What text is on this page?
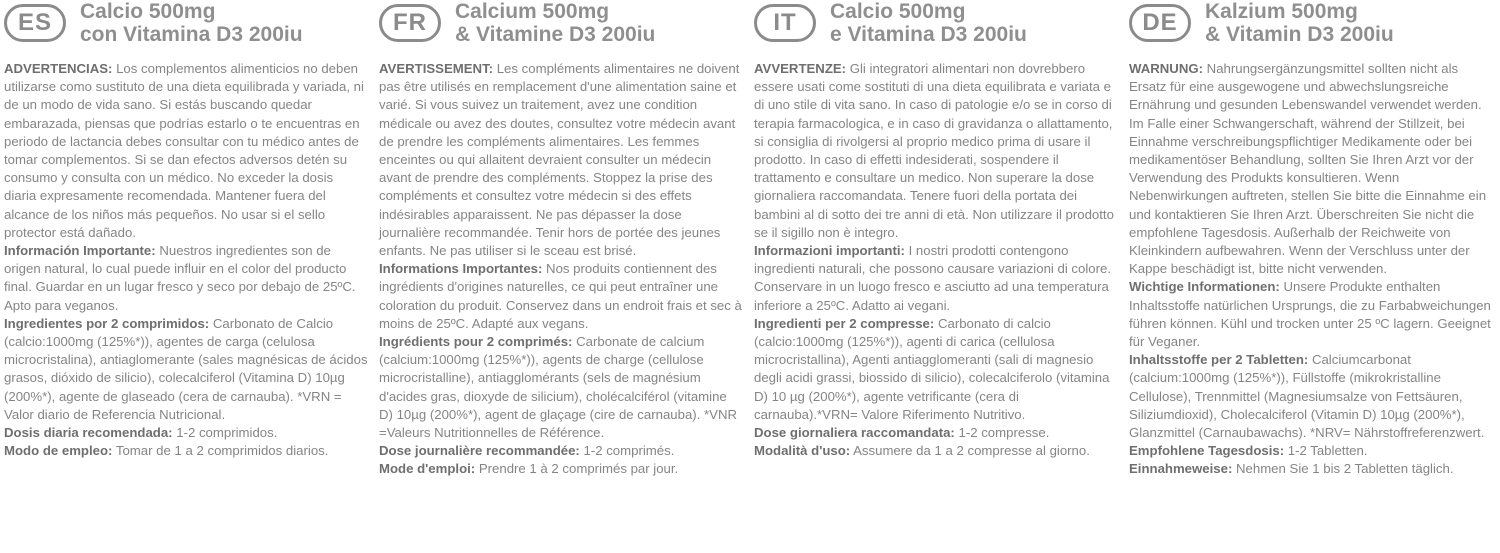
ES	Calcio 500mg
con Vitamina D3 200iu

ADVERTENCIAS: Los complementos alimenticios no deben utilizarse como sustituto de una dieta equilibrada y variada, ni de un modo de vida sano. Si estás buscando quedar embarazada, piensas que podrías estarlo o te encuentras en periodo de lactancia debes consultar con tu médico antes de tomar complementos. Si se dan efectos adversos detén su consumo y consulta con un médico. No exceder la dosis diaria expresamente recomendada. Mantener fuera del alcance de los niños más pequeños. No usar si el sello protector está dañado.

Información Importante: Nuestros ingredientes son de origen natural, lo cual puede influir en el color del producto final. Guardar en un lugar fresco y seco por debajo de 25ºC. Apto para veganos.

Ingredientes por 2 comprimidos: Carbonato de Calcio (calcio:1000mg (125%*)), agentes de carga (celulosa microcristalina), antiaglomerante (sales magnésicas de ácidos grasos, dióxido de silicio), colecalciferol (Vitamina D) 10µg (200%*), agente de glaseado (cera de carnauba). *VRN = Valor diario de Referencia Nutricional.

Dosis diaria recomendada: 1-2 comprimidos.

Modo de empleo: Tomar de 1 a 2 comprimidos diarios.

FR	Calcium 500mg
& Vitamine D3 200iu

AVERTISSEMENT: Les compléments alimentaires ne doivent pas être utilisés en remplacement d'une alimentation saine et varié. Si vous suivez un traitement, avez une condition médicale ou avez des doutes, consultez votre médecin avant de prendre les compléments alimentaires. Les femmes enceintes ou qui allaitent devraient consulter un médecin avant de prendre des compléments. Stoppez la prise des compléments et consultez votre médecin si des effets indésirables apparaissent. Ne pas dépasser la dose journalière recommandée. Tenir hors de portée des jeunes enfants. Ne pas utiliser si le sceau est brisé.

Informations Importantes: Nos produits contiennent des ingrédients d'origines naturelles, ce qui peut entraîner une coloration du produit. Conservez dans un endroit frais et sec à moins de 25ºC. Adapté aux vegans.

Ingrédients pour 2 comprimés: Carbonate de calcium (calcium:1000mg (125%*)), agents de charge (cellulose microcristalline), antiagglomérants (sels de magnésium d'acides gras, dioxyde de silicium), cholécalciférol (vitamine D) 10µg (200%*), agent de glaçage (cire de carnauba). *VNR =Valeurs Nutritionnelles de Référence.

Dose journalière recommandée: 1-2 comprimés.

Mode d'emploi: Prendre 1 à 2 comprimés par jour.

IT	Calcio 500mg
e Vitamina D3 200iu

AVVERTENZE: Gli integratori alimentari non dovrebbero essere usati come sostituti di una dieta equilibrata e variata e di uno stile di vita sano. In caso di patologie e/o se in corso di terapia farmacologica, e in caso di gravidanza o allattamento, si consiglia di rivolgersi al proprio medico prima di usare il prodotto. In caso di effetti indesiderati, sospendere il trattamento e consultare un medico. Non superare la dose giornaliera raccomandata. Tenere fuori della portata dei bambini al di sotto dei tre anni di età. Non utilizzare il prodotto se il sigillo non è integro.

Informazioni importanti: I nostri prodotti contengono ingredienti naturali, che possono causare variazioni di colore. Conservare in un luogo fresco e asciutto ad una temperatura inferiore a 25ºC. Adatto ai vegani.

Ingredienti per 2 compresse: Carbonato di calcio (calcio:1000mg (125%*)), agenti di carica (cellulosa microcristallina), Agenti antiagglomeranti (sali di magnesio degli acidi grassi, biossido di silicio), colecalciferolo (vitamina D) 10 µg (200%*), agente vetrificante (cera di carnauba).*VRN= Valore Riferimento Nutritivo.

Dose giornaliera raccomandata: 1-2 compresse.

Modalità d'uso: Assumere da 1 a 2 compresse al giorno.

DE	Kalzium 500mg
& Vitamin D3 200iu

WARNUNG: Nahrungsergänzungsmittel sollten nicht als Ersatz für eine ausgewogene und abwechslungsreiche Ernährung und gesunden Lebenswandel verwendet werden. Im Falle einer Schwangerschaft, während der Stillzeit, bei Einnahme verschreibungspflichtiger Medikamente oder bei medikamentöser Behandlung, sollten Sie Ihren Arzt vor der Verwendung des Produkts konsultieren. Wenn Nebenwirkungen auftreten, stellen Sie bitte die Einnahme ein und kontaktieren Sie Ihren Arzt. Überschreiten Sie nicht die empfohlene Tagesdosis. Außerhalb der Reichweite von Kleinkindern aufbewahren. Wenn der Verschluss unter der Kappe beschädigt ist, bitte nicht verwenden.

Wichtige Informationen: Unsere Produkte enthalten Inhaltsstoffe natürlichen Ursprungs, die zu Farbabweichungen führen können. Kühl und trocken unter 25 ºC lagern. Geeignet für Veganer.

Inhaltsstoffe per 2 Tabletten: Calciumcarbonat (calcium:1000mg (125%*)), Füllstoffe (mikrokristalline Cellulose), Trennmittel (Magnesiumsalze von Fettsäuren, Siliziumdioxid), Cholecalciferol (Vitamin D) 10µg (200%*), Glanzmittel (Carnaubawachs). *NRV= Nährstoffreferenzwert.

Empfohlene Tagesdosis: 1-2 Tabletten.

Einnahmeweise: Nehmen Sie 1 bis 2 Tabletten täglich.
